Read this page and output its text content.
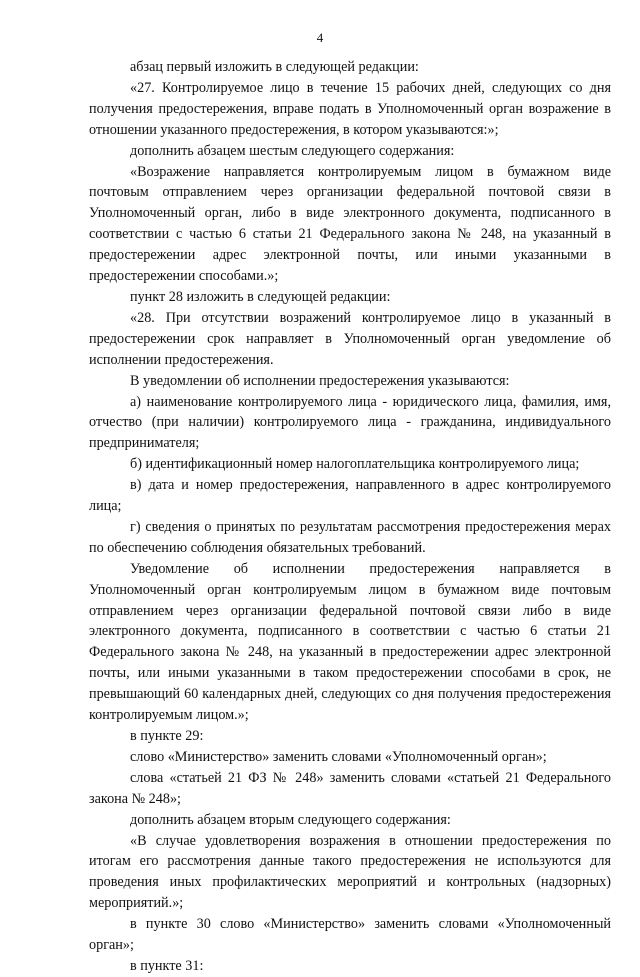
4

абзац первый изложить в следующей редакции:

«27. Контролируемое лицо в течение 15 рабочих дней, следующих со дня получения предостережения, вправе подать в Уполномоченный орган возражение в отношении указанного предостережения, в котором указываются:»;

дополнить абзацем шестым следующего содержания:

«Возражение направляется контролируемым лицом в бумажном виде почтовым отправлением через организации федеральной почтовой связи в Уполномоченный орган, либо в виде электронного документа, подписанного в соответствии с частью 6 статьи 21 Федерального закона № 248, на указанный в предостережении адрес электронной почты, или иными указанными в предостережении способами.»;

пункт 28 изложить в следующей редакции:

«28. При отсутствии возражений контролируемое лицо в указанный в предостережении срок направляет в Уполномоченный орган уведомление об исполнении предостережения.

В уведомлении об исполнении предостережения указываются:

а) наименование контролируемого лица - юридического лица, фамилия, имя, отчество (при наличии) контролируемого лица - гражданина, индивидуального предпринимателя;

б) идентификационный номер налогоплательщика контролируемого лица;

в) дата и номер предостережения, направленного в адрес контролируемого лица;

г) сведения о принятых по результатам рассмотрения предостережения мерах по обеспечению соблюдения обязательных требований.

Уведомление об исполнении предостережения направляется в Уполномоченный орган контролируемым лицом в бумажном виде почтовым отправлением через организации федеральной почтовой связи либо в виде электронного документа, подписанного в соответствии с частью 6 статьи 21 Федерального закона № 248, на указанный в предостережении адрес электронной почты, или иными указанными в таком предостережении способами в срок, не превышающий 60 календарных дней, следующих со дня получения предостережения контролируемым лицом.»;

в пункте 29:

слово «Министерство» заменить словами «Уполномоченный орган»;

слова «статьей 21 ФЗ № 248» заменить словами «статьей 21 Федерального закона № 248»;

дополнить абзацем вторым следующего содержания:

«В случае удовлетворения возражения в отношении предостережения по итогам его рассмотрения данные такого предостережения не используются для проведения иных профилактических мероприятий и контрольных (надзорных) мероприятий.»;

в пункте 30 слово «Министерство» заменить словами «Уполномоченный орган»;

в пункте 31:
